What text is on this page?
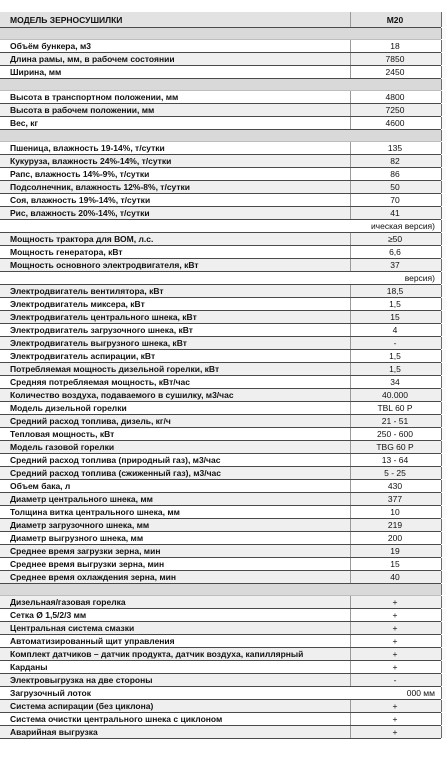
МОДЕЛЬ ЗЕРНОСУШИЛКИ	M20
Объём бункера, м3	18
Длина рамы, мм, в рабочем состоянии	7850
Ширина, мм	2450
Высота в транспортном положении, мм	4800
Высота в рабочем положении, мм	7250
Вес, кг	4600
Пшеница, влажность 19-14%, т/сутки	135
Кукуруза, влажность 24%-14%, т/сутки	82
Рапс, влажность 14%-9%, т/сутки	86
Подсолнечник, влажность 12%-8%, т/сутки	50
Соя, влажность 19%-14%, т/сутки	70
Рис, влажность 20%-14%, т/сутки	41
ическая версия)
Мощность трактора для ВОМ, л.с.	≥50
Мощность генератора, кВт	6,6
Мощность основного электродвигателя, кВт	37
версия)
Электродвигатель вентилятора, кВт	18,5
Электродвигатель миксера, кВт	1,5
Электродвигатель центрального шнека, кВт	15
Электродвигатель загрузочного шнека, кВт	4
Электродвигатель выгрузного шнека, кВт	-
Электродвигатель аспирации, кВт	1,5
Потребляемая мощность дизельной горелки, кВт	1,5
Средняя потребляемая мощность, кВт/час	34
Количество воздуха, подаваемого в сушилку, м3/час	40.000
Модель дизельной горелки	TBL 60 P
Средний расход топлива, дизель, кг/ч	21 - 51
Тепловая мощность, кВт	250 - 600
Модель газовой горелки	TBG 60 P
Средний расход топлива (природный газ), м3/час	13 - 64
Средний расход топлива (сжиженный газ), м3/час	5 - 25
Объем бака, л	430
Диаметр центрального шнека, мм	377
Толщина витка центрального шнека, мм	10
Диаметр загрузочного шнека, мм	219
Диаметр выгрузного шнека, мм	200
Среднее время загрузки зерна, мин	19
Среднее время выгрузки зерна, мин	15
Среднее время охлаждения зерна, мин	40
Дизельная/газовая горелка	+
Сетка Ø 1,5/2/3 мм	+
Центральная система смазки	+
Автоматизированный щит управления	+
Комплект датчиков – датчик продукта, датчик воздуха, капиллярный	+
Карданы	+
Электровыгрузка на две стороны	-
Загрузочный лоток	000 мм
Система аспирации (без циклона)	+
Система очистки центрального шнека с циклоном	+
Аварийная выгрузка	+
